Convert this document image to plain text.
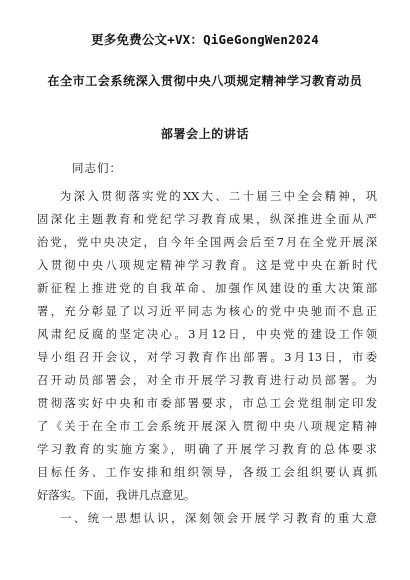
更多免费公文+VX：QiGeGongWen2024
在全市工会系统深入贯彻中央八项规定精神学习教育动员
部署会上的讲话
同志们：
为深入贯彻落实党的XX大、二十届三中全会精神，巩
固深化主题教育和党纪学习教育成果，纵深推进全面从严
治党，党中央决定，自今年全国两会后至7月在全党开展深
入贯彻中央八项规定精神学习教育。这是党中央在新时代
新征程上推进党的自我革命、加强作风建设的重大决策部
署，充分彰显了以习近平同志为核心的党中央驰而不息正
风肃纪反腐的坚定决心。3月12日，中央党的建设工作领
导小组召开会议，对学习教育作出部署。3月13日，市委
召开动员部署会，对全市开展学习教育进行动员部署。为
贯彻落实好中央和市委部署要求，市总工会党组制定印发
了《关于在全市工会系统开展深入贯彻中央八项规定精神
学习教育的实施方案》，明确了开展学习教育的总体要求
目标任务、工作安排和组织领导，各级工会组织要认真抓
好落实。下面，我讲几点意见。
一、统一思想认识，深刻领会开展学习教育的重大意
